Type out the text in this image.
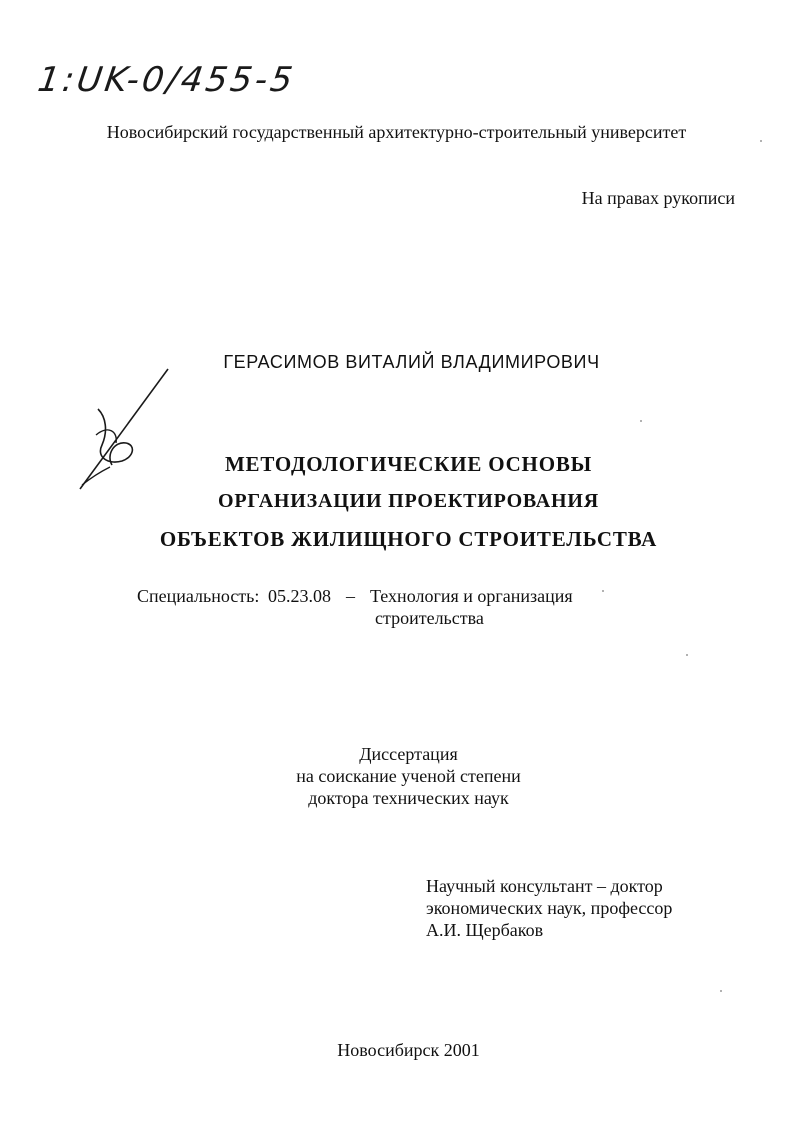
1:UK-0/455-5
Новосибирский государственный архитектурно-строительный университет
На правах рукописи
ГЕРАСИМОВ ВИТАЛИЙ ВЛАДИМИРОВИЧ
МЕТОДОЛОГИЧЕСКИЕ ОСНОВЫ
ОРГАНИЗАЦИИ ПРОЕКТИРОВАНИЯ
ОБЪЕКТОВ ЖИЛИЩНОГО СТРОИТЕЛЬСТВА
Специальность: 05.23.08 – Технология и организация
строительства
Диссертация
на соискание ученой степени
доктора технических наук
Научный консультант – доктор
экономических наук, профессор
А.И. Щербаков
Новосибирск 2001
